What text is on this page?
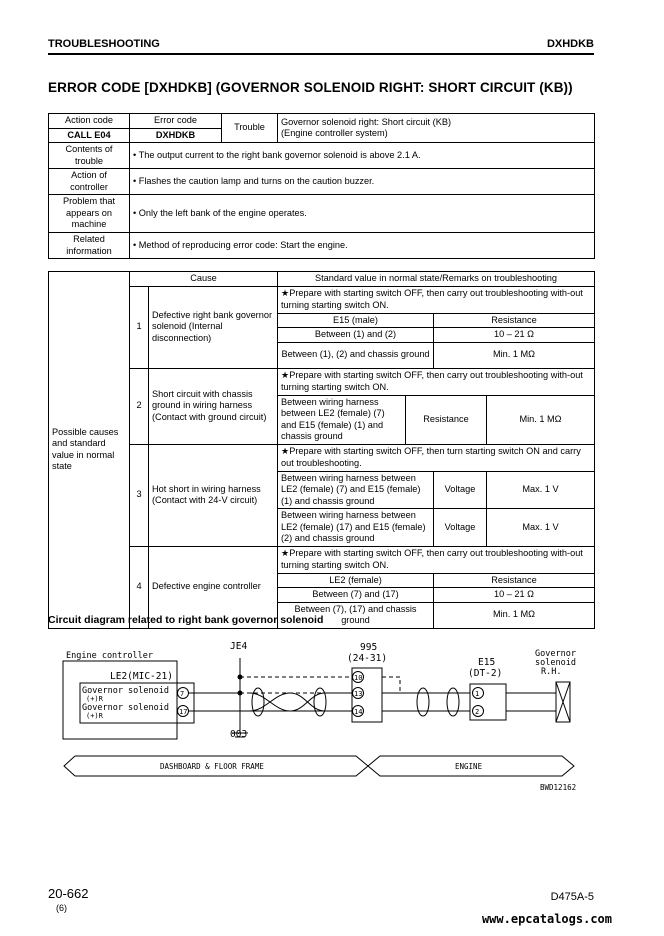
TROUBLESHOOTING	DXHDKB
ERROR CODE [DXHDKB] (GOVERNOR SOLENOID RIGHT: SHORT CIRCUIT (KB))
Action code	Error code	Trouble	Governor solenoid right: Short circuit (KB)
(Engine controller system)

CALL E04	DXHDKB		
Contents of trouble	• The output current to the right bank governor solenoid is above 2.1 A.		
Action of controller	• Flashes the caution lamp and turns on the caution buzzer.		
Problem that appears on machine	• Only the left bank of the engine operates.		
Related information	• Method of reproducing error code: Start the engine.		
Possible causes and standard value in normal state	Cause		Standard value in normal state/Remarks on troubleshooting			
	1	Defective right bank governor solenoid (Internal disconnection)	★Prepare with starting switch OFF, then carry out troubleshooting with-out turning starting switch ON.			
			E15 (male)		Resistance	
			Between (1) and (2)		10 – 21 Ω	
			Between (1), (2) and chassis ground		Min. 1 MΩ	
	2	Short circuit with chassis ground in wiring harness (Contact with ground circuit)	★Prepare with starting switch OFF, then carry out troubleshooting with-out turning starting switch ON.			
			Between wiring harness between LE2 (female) (7) and E15 (female) (1) and chassis ground	Resistance		Min. 1 MΩ
	3	Hot short in wiring harness (Contact with 24-V circuit)	★Prepare with starting switch OFF, then turn starting switch ON and carry out troubleshooting.			
			Between wiring harness between LE2 (female) (7) and E15 (female) (1) and chassis ground		Voltage	Max. 1 V
			Between wiring harness between LE2 (female) (17) and E15 (female) (2) and chassis ground		Voltage	Max. 1 V
	4	Defective engine controller	★Prepare with starting switch OFF, then carry out troubleshooting with-out turning starting switch ON.			
			LE2 (female)		Resistance	
			Between (7) and (17)		10 – 21 Ω	
			Between (7), (17) and chassis ground		Min. 1 MΩ	
Circuit diagram related to right bank governor solenoid
Engine controller
LE2(MIC-21)
Governor solenoid
(+)R
Governor solenoid
(+)R
7
17
JE4
003
995
(24-31)
10
13
14
E15
(DT-2)
1
2
Governor
solenoid
R.H.
DASHBOARD & FLOOR FRAME	ENGINE
BWD12162
20-662
(6)
D475A-5
www.epcatalogs.com
